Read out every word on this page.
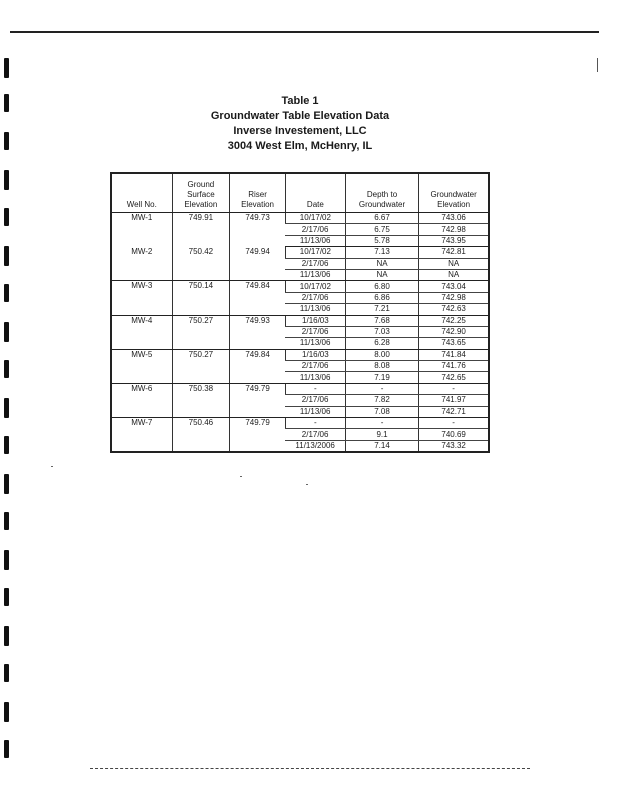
Table 1
Groundwater Table Elevation Data
Inverse Investement, LLC
3004 West Elm, McHenry, IL
Well No.	Ground Surface Elevation	Riser Elevation	Date	Depth to Groundwater	Groundwater Elevation
MW-1	749.91	749.73	10/17/02	6.67	743.06
			2/17/06	6.75	742.98
			11/13/06	5.78	743.95
MW-2	750.42	749.94	10/17/02	7.13	742.81
			2/17/06	NA	NA
			11/13/06	NA	NA
MW-3	750.14	749.84	10/17/02	6.80	743.04
			2/17/06	6.86	742.98
			11/13/06	7.21	742.63
MW-4	750.27	749.93	1/16/03	7.68	742.25
			2/17/06	7.03	742.90
			11/13/06	6.28	743.65
MW-5	750.27	749.84	1/16/03	8.00	741.84
			2/17/06	8.08	741.76
			11/13/06	7.19	742.65
MW-6	750.38	749.79	-	-	-
			2/17/06	7.82	741.97
			11/13/06	7.08	742.71
MW-7	750.46	749.79	-	-	-
			2/17/06	9.1	740.69
			11/13/2006	7.14	743.32
